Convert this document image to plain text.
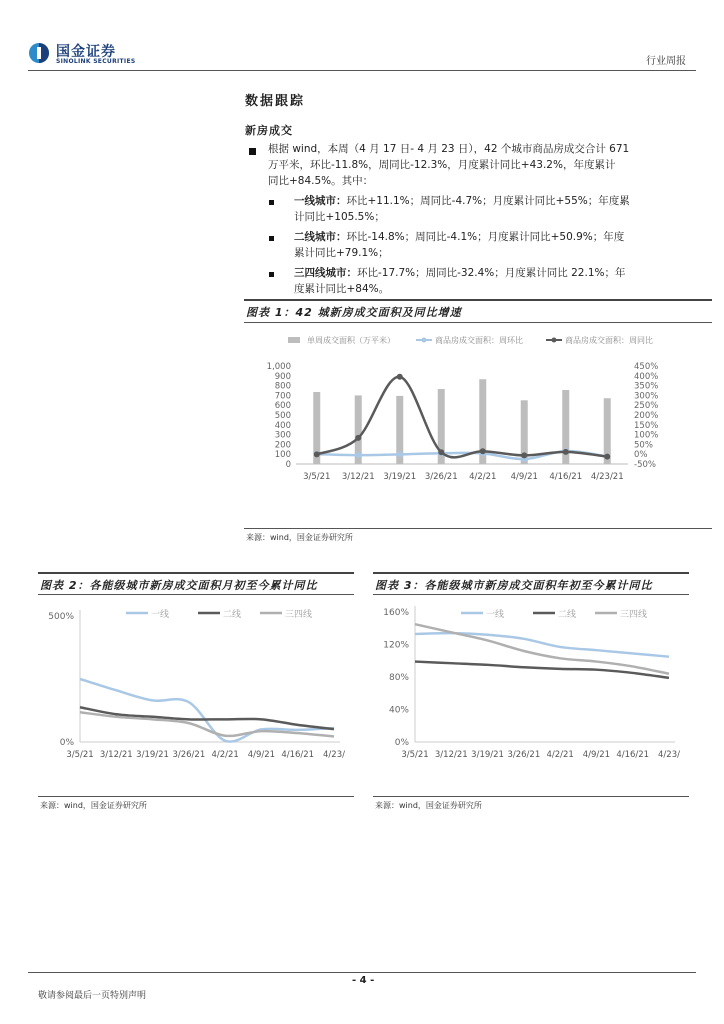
国金证券
SINOLINK SECURITIES	行业周报
数据跟踪
新房成交
根据 wind，本周（4 月 17 日- 4 月 23 日），42 个城市商品房成交合计 671
万平米，环比-11.8%，周同比-12.3%，月度累计同比+43.2%，年度累计
同比+84.5%。其中：
一线城市：环比+11.1%；周同比-4.7%；月度累计同比+55%；年度累
计同比+105.5%；
二线城市：环比-14.8%；周同比-4.1%；月度累计同比+50.9%；年度
累计同比+79.1%；
三四线城市：环比-17.7%；周同比-32.4%；月度累计同比 22.1%；年
度累计同比+84%。
图表 1：42 城新房成交面积及同比增速
单周成交面积（万平米）	商品房成交面积：周环比	商品房成交面积：周同比
1,000
900
800
700
600
500
400
300
200
100
0
450%
400%
350%
300%
250%
200%
150%
100%
50%
0%
-50%
3/5/21 3/12/21 3/19/21 3/26/21 4/2/21 4/9/21 4/16/21 4/23/21
来源：wind，国金证券研究所
图表 2：各能级城市新房成交面积月初至今累计同比
500%
0%
一线	二线	三四线
3/5/21 3/12/21 3/19/21 3/26/21 4/2/21 4/9/21 4/16/21 4/23/
来源：wind，国金证券研究所
图表 3：各能级城市新房成交面积年初至今累计同比
160%
120%
80%
40%
0%
一线	二线	三四线
3/5/21 3/12/21 3/19/21 3/26/21 4/2/21 4/9/21 4/16/21 4/23/
来源：wind，国金证券研究所
- 4 -
敬请参阅最后一页特别声明
